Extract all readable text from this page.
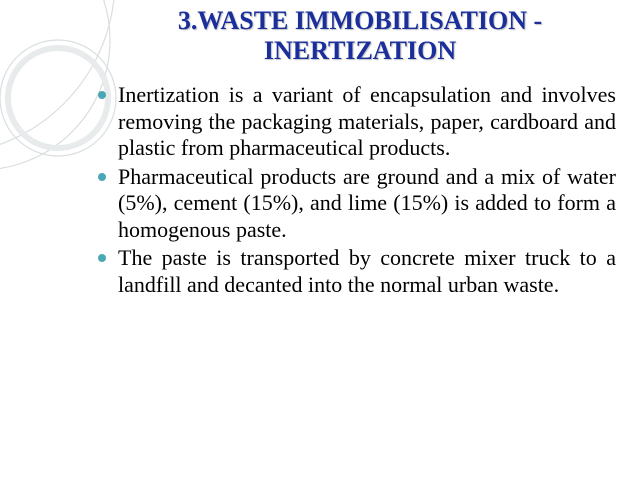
3.WASTE IMMOBILISATION -
INERTIZATION
Inertization is a variant of encapsulation and involves removing the packaging materials, paper, cardboard and plastic from pharmaceutical products.
Pharmaceutical products are ground and a mix of water (5%), cement (15%), and lime (15%) is added to form a homogenous paste.
The paste is transported by concrete mixer truck to a landfill and decanted into the normal urban waste.
